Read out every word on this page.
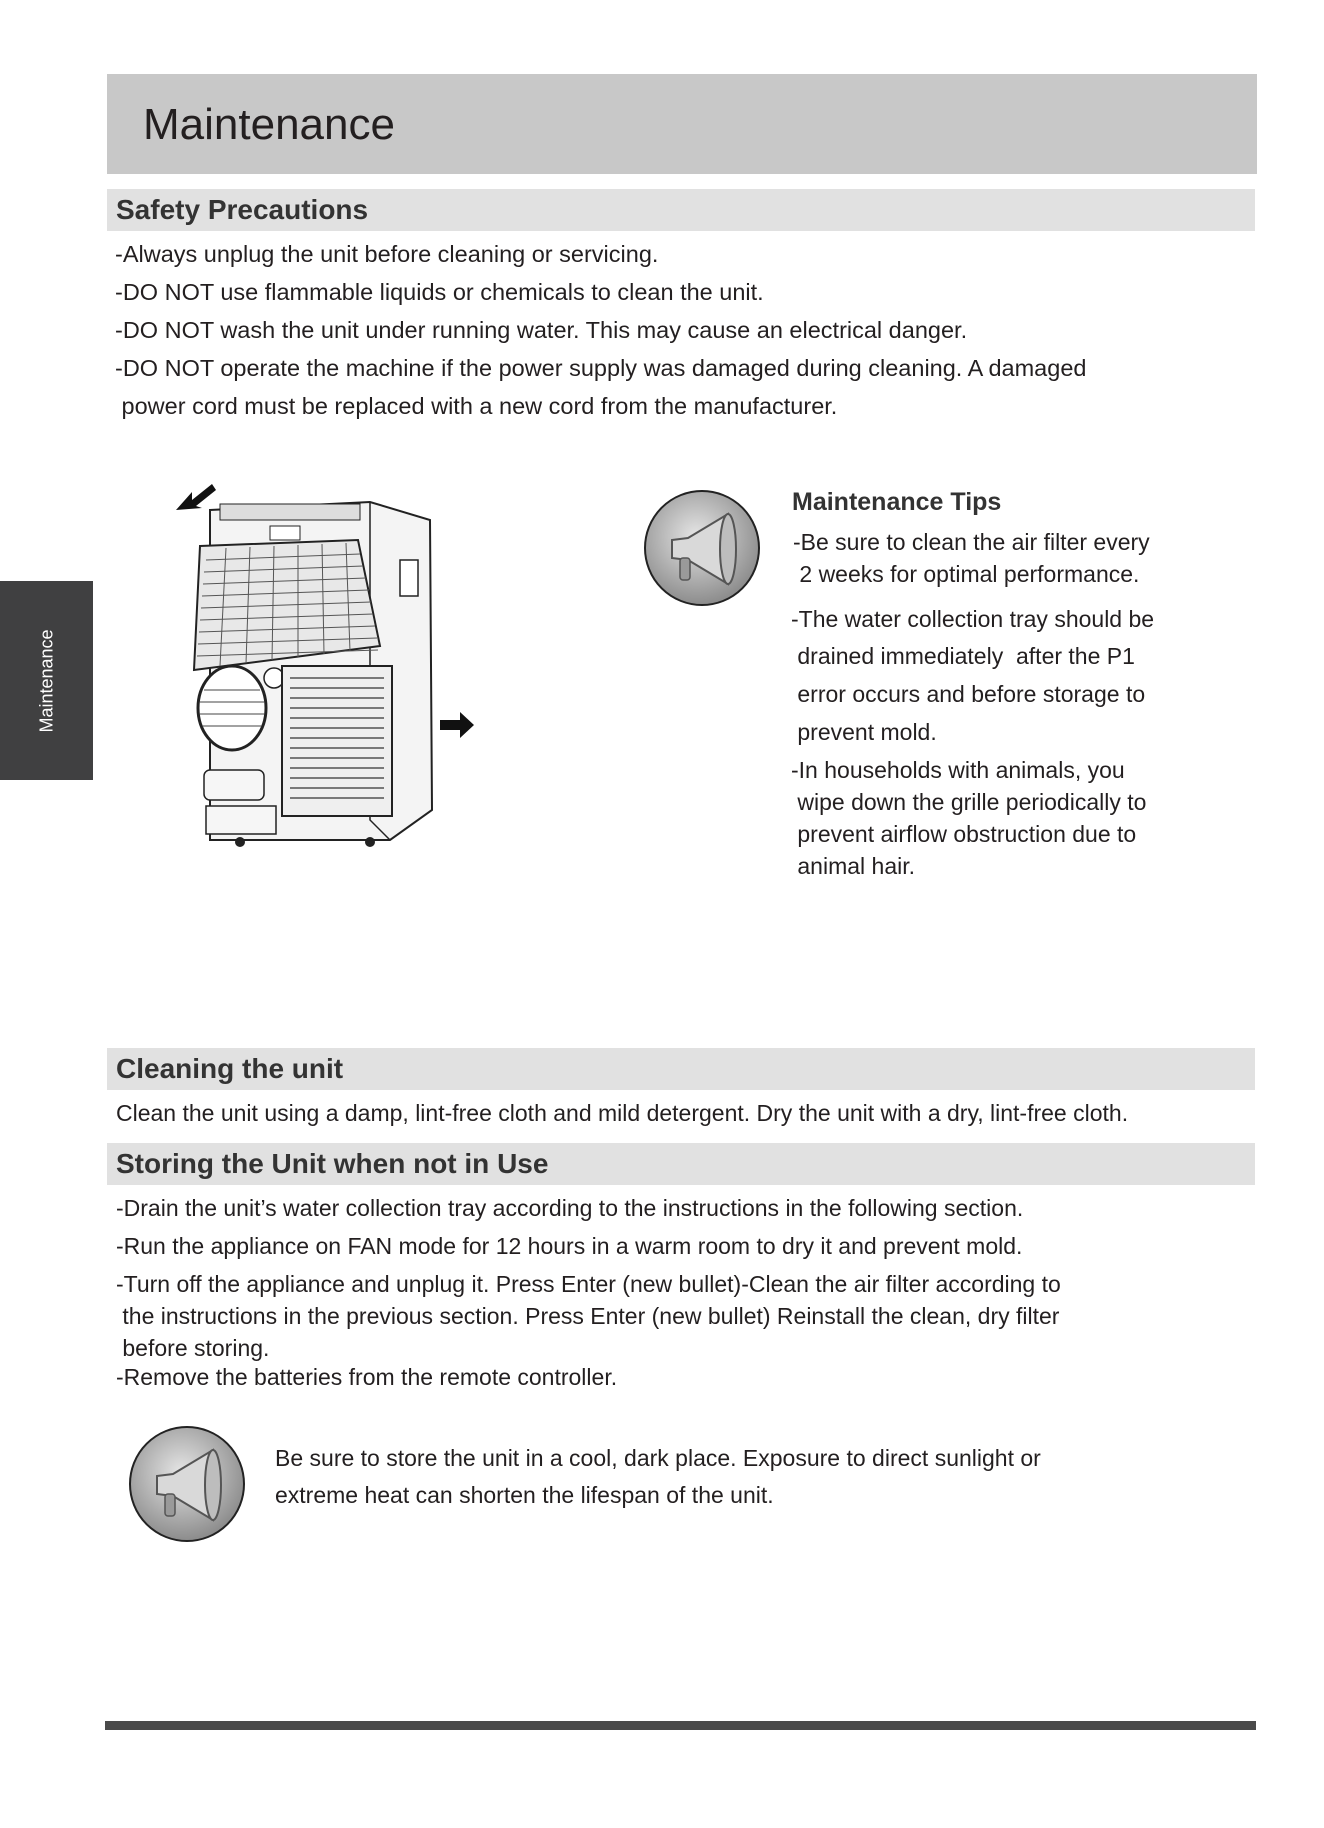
Maintenance
Maintenance
Safety Precautions
-Always unplug the unit before cleaning or servicing.
-DO NOT use flammable liquids or chemicals to clean the unit.
-DO NOT wash the unit under running water. This may cause an electrical danger.
-DO NOT operate the machine if the power supply was damaged during cleaning. A damaged
power cord must be replaced with a new cord from the manufacturer.
Maintenance Tips
-Be sure to clean the air filter every
2 weeks for optimal performance.
-The water collection tray should be
drained immediately  after the P1
error occurs and before storage to
prevent mold.
-In households with animals, you
wipe down the grille periodically to
prevent airflow obstruction due to
animal hair.
Cleaning the unit
Clean the unit using a damp, lint-free cloth and mild detergent. Dry the unit with a dry, lint-free cloth.
Storing the Unit when not in Use
-Drain the unit’s water collection tray according to the instructions in the following section.
-Run the appliance on FAN mode for 12 hours in a warm room to dry it and prevent mold.
-Turn off the appliance and unplug it. Press Enter (new bullet)-Clean the air filter according to
the instructions in the previous section. Press Enter (new bullet) Reinstall the clean, dry filter
before storing.
-Remove the batteries from the remote controller.
Be sure to store the unit in a cool, dark place. Exposure to direct sunlight or
extreme heat can shorten the lifespan of the unit.
